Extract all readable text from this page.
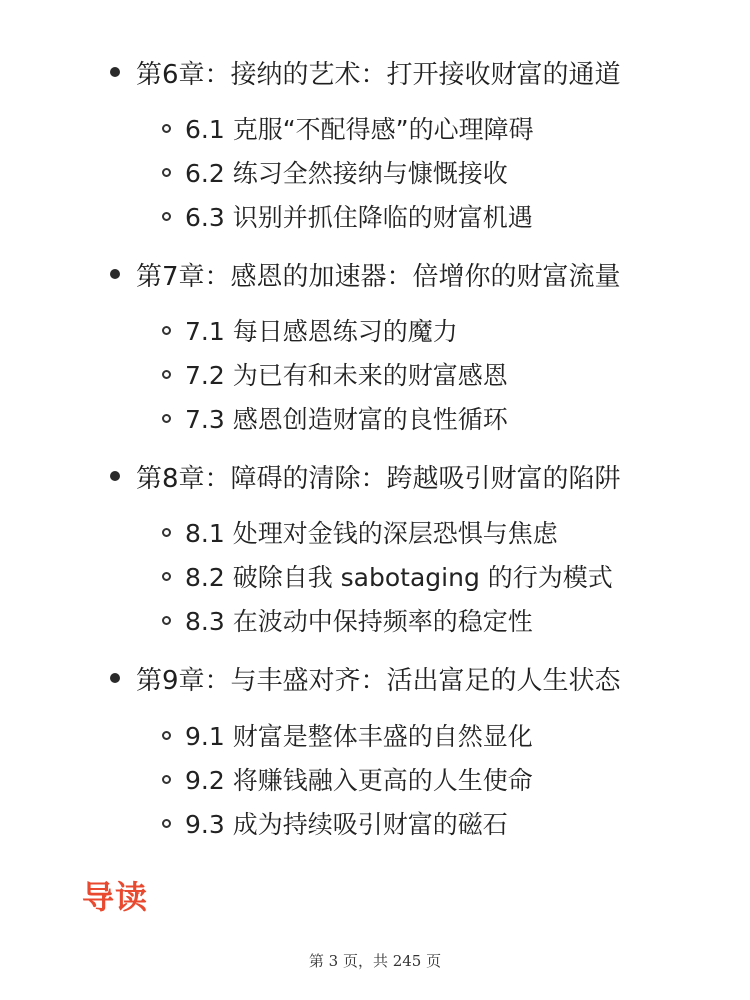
第6章：接纳的艺术：打开接收财富的通道
6.1 克服“不配得感”的心理障碍
6.2 练习全然接纳与慷慨接收
6.3 识别并抓住降临的财富机遇
第7章：感恩的加速器：倍增你的财富流量
7.1 每日感恩练习的魔力
7.2 为已有和未来的财富感恩
7.3 感恩创造财富的良性循环
第8章：障碍的清除：跨越吸引财富的陷阱
8.1 处理对金钱的深层恐惧与焦虑
8.2 破除自我 sabotaging 的行为模式
8.3 在波动中保持频率的稳定性
第9章：与丰盛对齐：活出富足的人生状态
9.1 财富是整体丰盛的自然显化
9.2 将赚钱融入更高的人生使命
9.3 成为持续吸引财富的磁石
导读
第 3 页，共 245 页
